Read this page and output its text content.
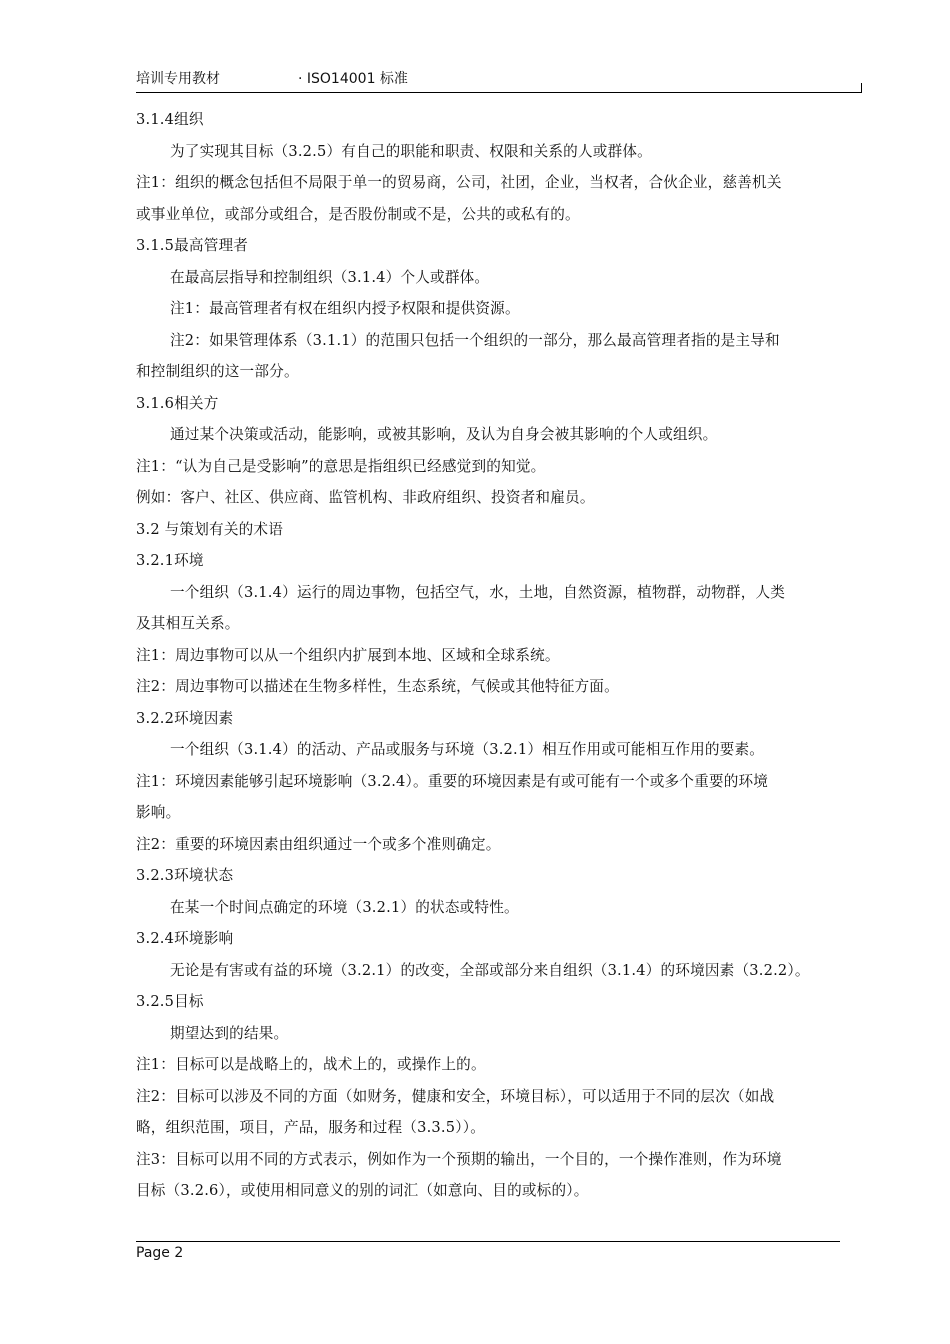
培训专用教材	· ISO14001 标准
3.1.4组织
为了实现其目标（3.2.5）有自己的职能和职责、权限和关系的人或群体。
注1：组织的概念包括但不局限于单一的贸易商，公司，社团，企业，当权者，合伙企业，慈善机关
或事业单位，或部分或组合，是否股份制或不是，公共的或私有的。
3.1.5最高管理者
在最高层指导和控制组织（3.1.4）个人或群体。
注1：最高管理者有权在组织内授予权限和提供资源。
注2：如果管理体系（3.1.1）的范围只包括一个组织的一部分，那么最高管理者指的是主导和
和控制组织的这一部分。
3.1.6相关方
通过某个决策或活动，能影响，或被其影响，及认为自身会被其影响的个人或组织。
注1：“认为自己是受影响”的意思是指组织已经感觉到的知觉。
例如：客户、社区、供应商、监管机构、非政府组织、投资者和雇员。
3.2 与策划有关的术语
3.2.1环境
一个组织（3.1.4）运行的周边事物，包括空气，水，土地，自然资源，植物群，动物群，人类
及其相互关系。
注1：周边事物可以从一个组织内扩展到本地、区域和全球系统。
注2：周边事物可以描述在生物多样性，生态系统，气候或其他特征方面。
3.2.2环境因素
一个组织（3.1.4）的活动、产品或服务与环境（3.2.1）相互作用或可能相互作用的要素。
注1：环境因素能够引起环境影响（3.2.4）。重要的环境因素是有或可能有一个或多个重要的环境
影响。
注2：重要的环境因素由组织通过一个或多个准则确定。
3.2.3环境状态
在某一个时间点确定的环境（3.2.1）的状态或特性。
3.2.4环境影响
无论是有害或有益的环境（3.2.1）的改变，全部或部分来自组织（3.1.4）的环境因素（3.2.2）。
3.2.5目标
期望达到的结果。
注1：目标可以是战略上的，战术上的，或操作上的。
注2：目标可以涉及不同的方面（如财务，健康和安全，环境目标），可以适用于不同的层次（如战
略，组织范围，项目，产品，服务和过程（3.3.5））。
注3：目标可以用不同的方式表示，例如作为一个预期的输出，一个目的，一个操作准则，作为环境
目标（3.2.6），或使用相同意义的别的词汇（如意向、目的或标的）。
Page 2
